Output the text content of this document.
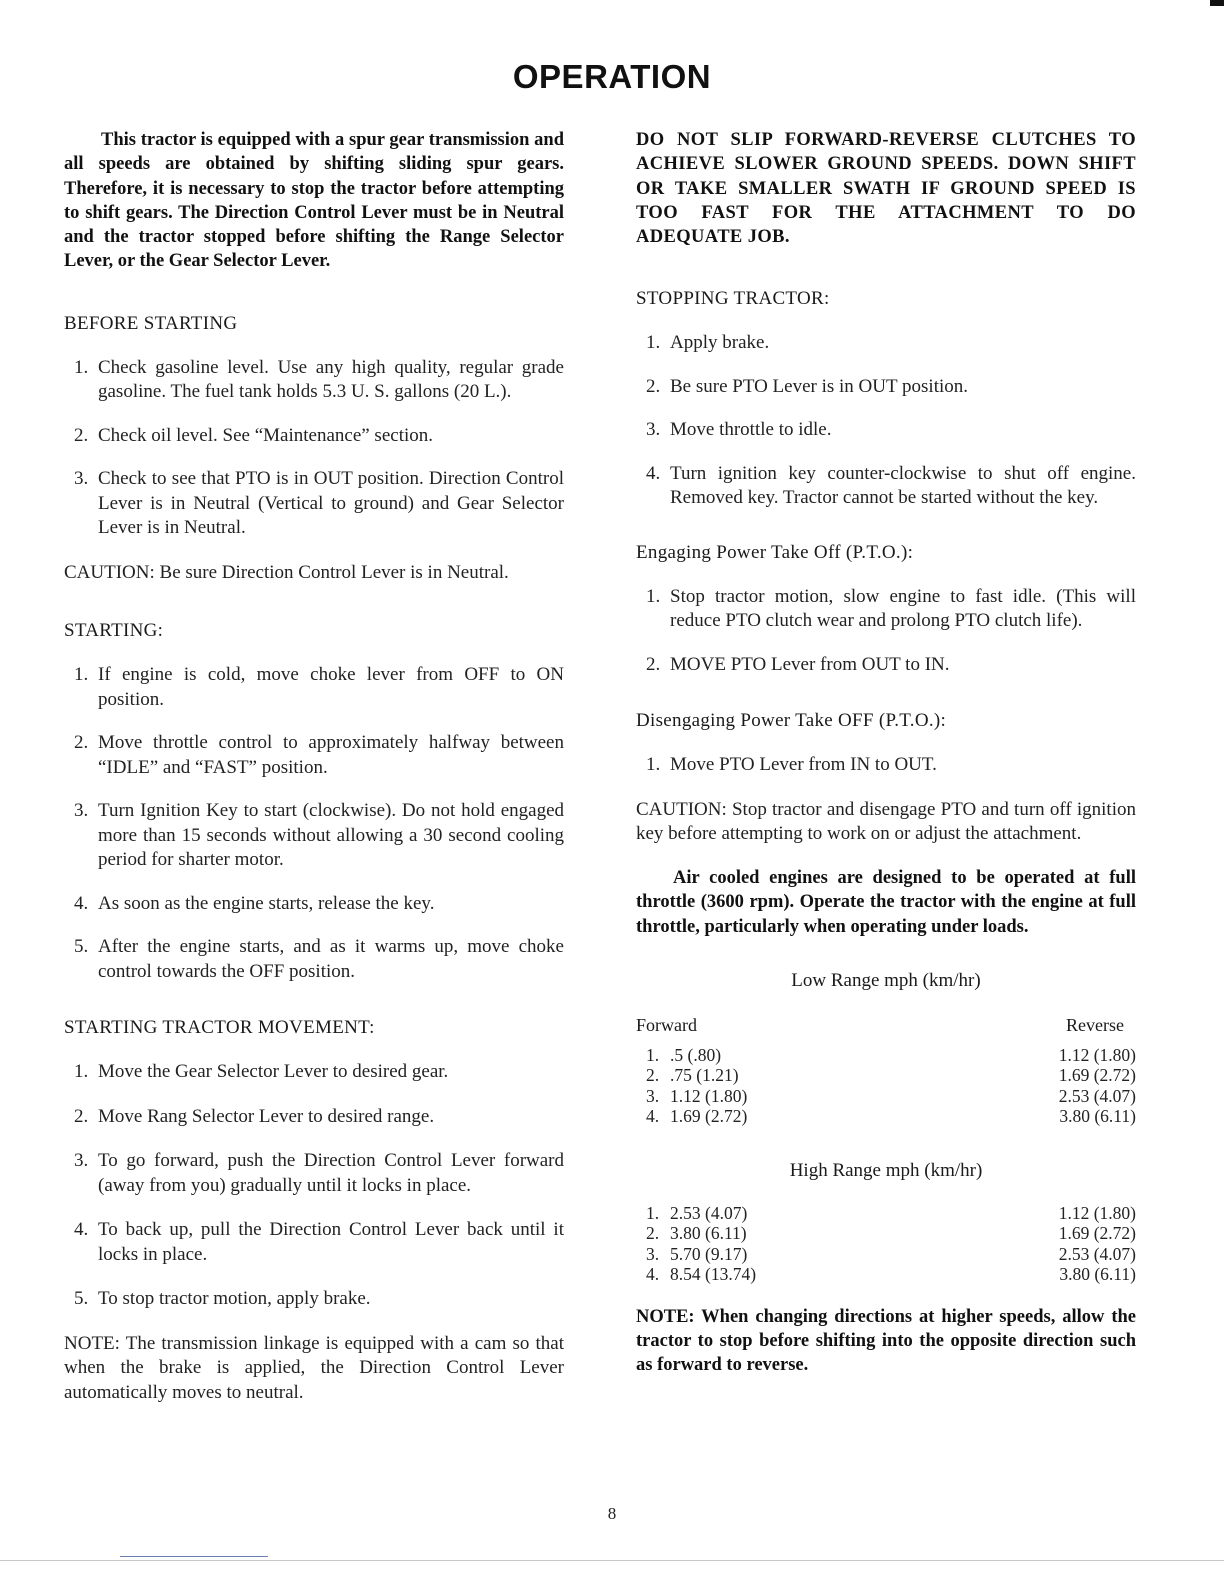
OPERATION

This tractor is equipped with a spur gear transmission and all speeds are obtained by shifting sliding spur gears. Therefore, it is necessary to stop the tractor before attempting to shift gears. The Direction Control Lever must be in Neutral and the tractor stopped before shifting the Range Selector Lever, or the Gear Selector Lever.

BEFORE STARTING

1. Check gasoline level. Use any high quality, regular grade gasoline. The fuel tank holds 5.3 U. S. gallons (20 L.).
2. Check oil level. See “Maintenance” section.
3. Check to see that PTO is in OUT position. Direction Control Lever is in Neutral (Vertical to ground) and Gear Selector Lever is in Neutral.

CAUTION: Be sure Direction Control Lever is in Neutral.

STARTING:

1. If engine is cold, move choke lever from OFF to ON position.
2. Move throttle control to approximately halfway between “IDLE” and “FAST” position.
3. Turn Ignition Key to start (clockwise). Do not hold engaged more than 15 seconds without allowing a 30 second cooling period for sharter motor.
4. As soon as the engine starts, release the key.
5. After the engine starts, and as it warms up, move choke control towards the OFF position.

STARTING TRACTOR MOVEMENT:

1. Move the Gear Selector Lever to desired gear.
2. Move Rang Selector Lever to desired range.
3. To go forward, push the Direction Control Lever forward (away from you) gradually until it locks in place.
4. To back up, pull the Direction Control Lever back until it locks in place.
5. To stop tractor motion, apply brake.

NOTE: The transmission linkage is equipped with a cam so that when the brake is applied, the Direction Control Lever automatically moves to neutral.

DO NOT SLIP FORWARD-REVERSE CLUTCHES TO ACHIEVE SLOWER GROUND SPEEDS. DOWN SHIFT OR TAKE SMALLER SWATH IF GROUND SPEED IS TOO FAST FOR THE ATTACHMENT TO DO ADEQUATE JOB.

STOPPING TRACTOR:

1. Apply brake.
2. Be sure PTO Lever is in OUT position.
3. Move throttle to idle.
4. Turn ignition key counter-clockwise to shut off engine. Removed key. Tractor cannot be started without the key.

Engaging Power Take Off (P.T.O.):

1. Stop tractor motion, slow engine to fast idle. (This will reduce PTO clutch wear and prolong PTO clutch life).
2. MOVE PTO Lever from OUT to IN.

Disengaging Power Take OFF (P.T.O.):

1. Move PTO Lever from IN to OUT.

CAUTION: Stop tractor and disengage PTO and turn off ignition key before attempting to work on or adjust the attachment.

Air cooled engines are designed to be operated at full throttle (3600 rpm). Operate the tractor with the engine at full throttle, particularly when operating under loads.

Low Range mph (km/hr)

Forward	Reverse
1. .5 (.80)	1.12 (1.80)
2. .75 (1.21)	1.69 (2.72)
3. 1.12 (1.80)	2.53 (4.07)
4. 1.69 (2.72)	3.80 (6.11)

High Range mph (km/hr)

1. 2.53 (4.07)	1.12 (1.80)
2. 3.80 (6.11)	1.69 (2.72)
3. 5.70 (9.17)	2.53 (4.07)
4. 8.54 (13.74)	3.80 (6.11)

NOTE: When changing directions at higher speeds, allow the tractor to stop before shifting into the opposite direction such as forward to reverse.

8
